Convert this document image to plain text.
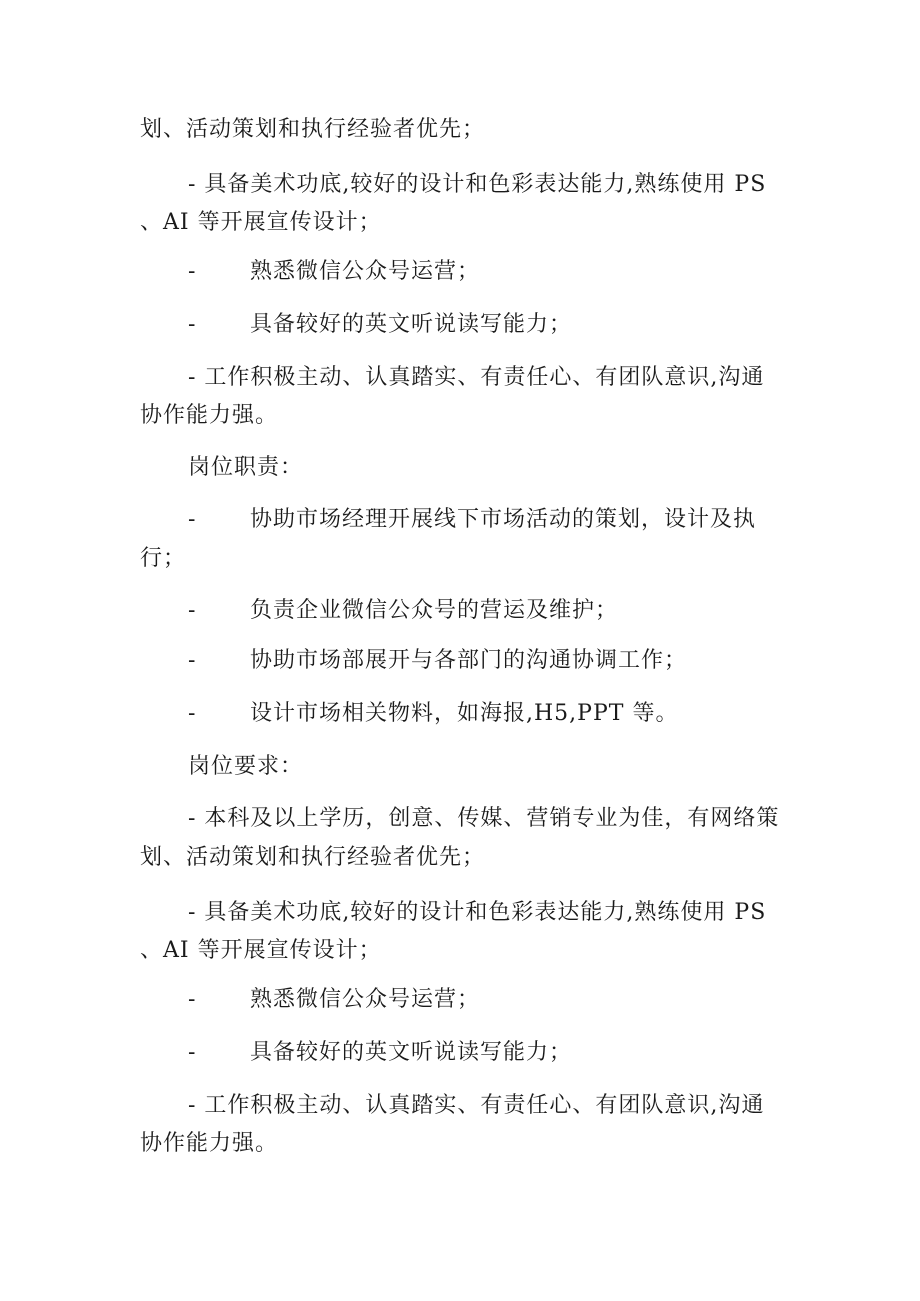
划、活动策划和执行经验者优先；
- 具备美术功底,较好的设计和色彩表达能力,熟练使用 PS
、AI 等开展宣传设计；
- 熟悉微信公众号运营；
- 具备较好的英文听说读写能力；
- 工作积极主动、认真踏实、有责任心、有团队意识,沟通
协作能力强。
岗位职责：
- 协助市场经理开展线下市场活动的策划，设计及执
行；
- 负责企业微信公众号的营运及维护；
- 协助市场部展开与各部门的沟通协调工作；
- 设计市场相关物料，如海报,H5,PPT 等。
岗位要求：
- 本科及以上学历，创意、传媒、营销专业为佳，有网络策
划、活动策划和执行经验者优先；
- 具备美术功底,较好的设计和色彩表达能力,熟练使用 PS
、AI 等开展宣传设计；
- 熟悉微信公众号运营；
- 具备较好的英文听说读写能力；
- 工作积极主动、认真踏实、有责任心、有团队意识,沟通
协作能力强。
